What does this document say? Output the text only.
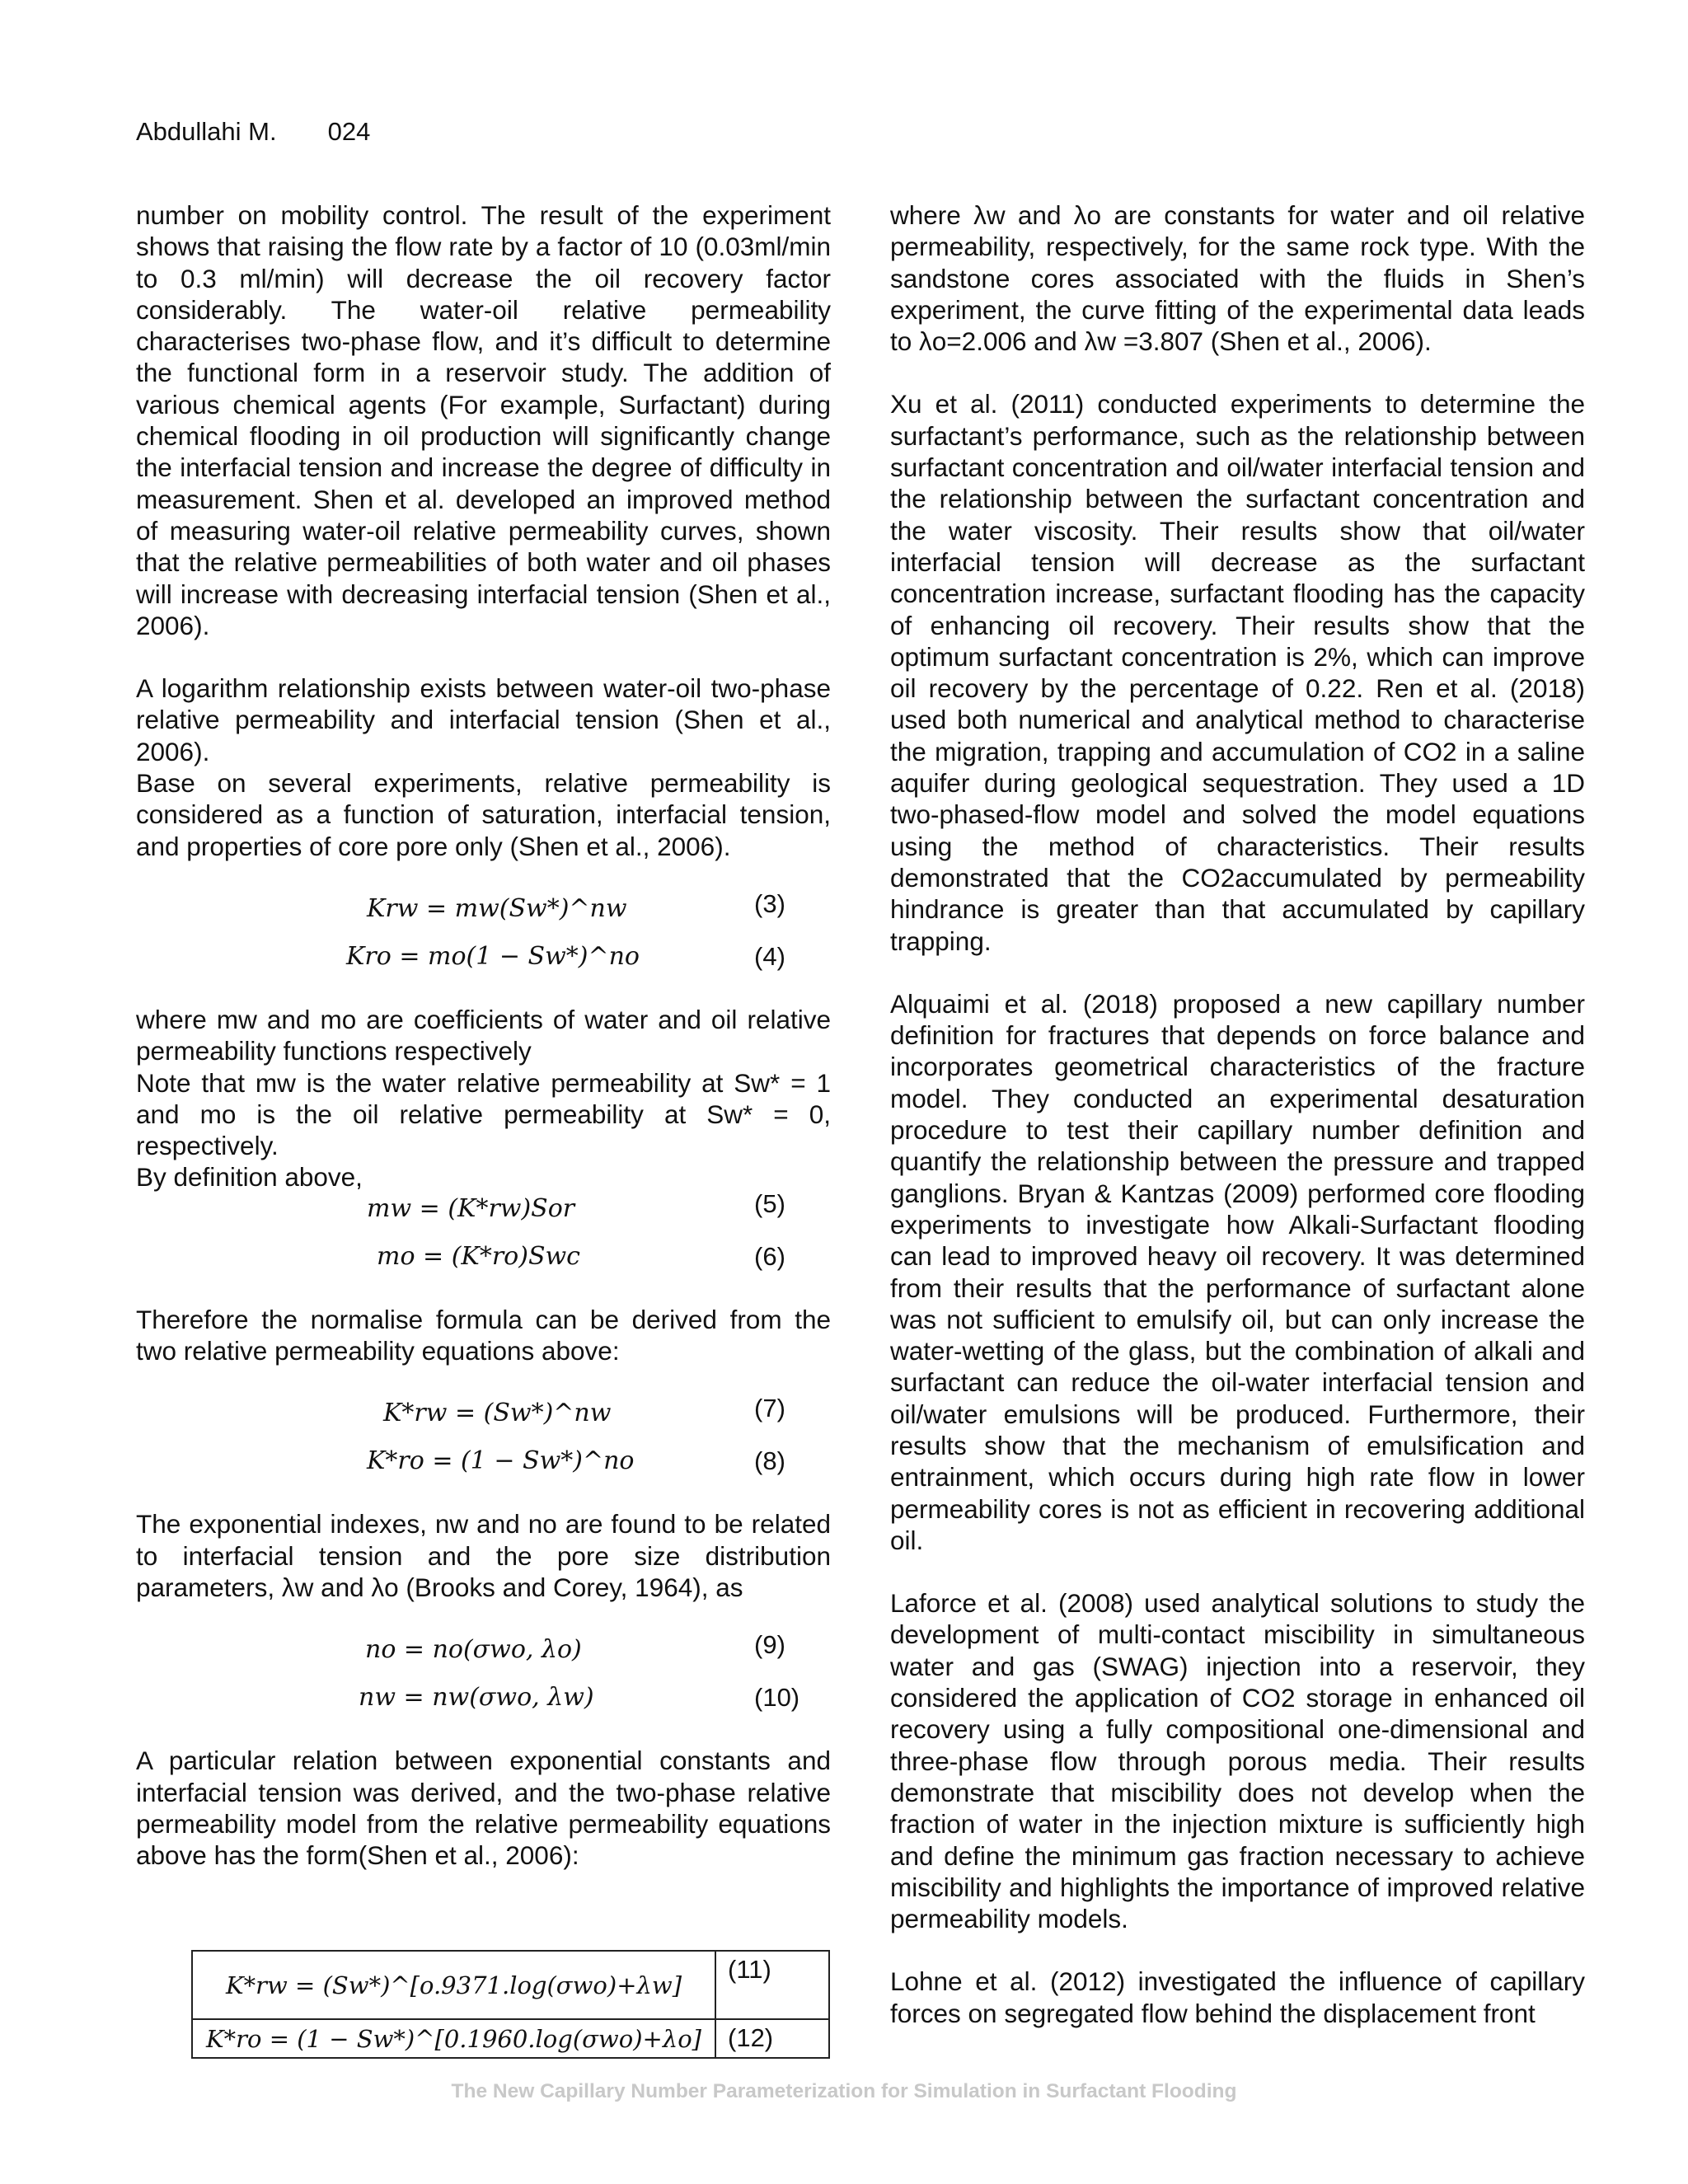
Abdullahi M. 024

number on mobility control. The result of the experiment shows that raising the flow rate by a factor of 10 (0.03ml/min to 0.3 ml/min) will decrease the oil recovery factor considerably. The water-oil relative permeability characterises two-phase flow, and it’s difficult to determine the functional form in a reservoir study. The addition of various chemical agents (For example, Surfactant) during chemical flooding in oil production will significantly change the interfacial tension and increase the degree of difficulty in measurement. Shen et al. developed an improved method of measuring water-oil relative permeability curves, shown that the relative permeabilities of both water and oil phases will increase with decreasing interfacial tension (Shen et al., 2006).

A logarithm relationship exists between water-oil two-phase relative permeability and interfacial tension (Shen et al., 2006).

Base on several experiments, relative permeability is considered as a function of saturation, interfacial tension, and properties of core pore only (Shen et al., 2006).

Krw = mw(Sw*)^nw	(3)
Kro = mo(1 − Sw*)^no	(4)

where mw and mo are coefficients of water and oil relative permeability functions respectively

Note that mw is the water relative permeability at Sw* = 1 and mo is the oil relative permeability at Sw* = 0, respectively.

By definition above,

mw = (K*rw)Sor	(5)
mo = (K*ro)Swc	(6)

Therefore the normalise formula can be derived from the two relative permeability equations above:

K*rw = (Sw*)^nw	(7)
K*ro = (1 − Sw*)^no	(8)

The exponential indexes, nw and no are found to be related to interfacial tension and the pore size distribution parameters, λw and λo (Brooks and Corey, 1964), as

no = no(σwo, λo)	(9)
nw = nw(σwo, λw)	(10)

A particular relation between exponential constants and interfacial tension was derived, and the two-phase relative permeability model from the relative permeability equations above has the form(Shen et al., 2006):

K*rw = (Sw*)^[o.9371.log(σwo)+λw]	(11)
K*ro = (1 − Sw*)^[0.1960.log(σwo)+λo]	(12)

where λw and λo are constants for water and oil relative permeability, respectively, for the same rock type. With the sandstone cores associated with the fluids in Shen’s experiment, the curve fitting of the experimental data leads to λo=2.006 and λw =3.807 (Shen et al., 2006).

Xu et al. (2011) conducted experiments to determine the surfactant’s performance, such as the relationship between surfactant concentration and oil/water interfacial tension and the relationship between the surfactant concentration and the water viscosity. Their results show that oil/water interfacial tension will decrease as the surfactant concentration increase, surfactant flooding has the capacity of enhancing oil recovery. Their results show that the optimum surfactant concentration is 2%, which can improve oil recovery by the percentage of 0.22. Ren et al. (2018) used both numerical and analytical method to characterise the migration, trapping and accumulation of CO2 in a saline aquifer during geological sequestration. They used a 1D two-phased-flow model and solved the model equations using the method of characteristics. Their results demonstrated that the CO2accumulated by permeability hindrance is greater than that accumulated by capillary trapping.

Alquaimi et al. (2018) proposed a new capillary number definition for fractures that depends on force balance and incorporates geometrical characteristics of the fracture model. They conducted an experimental desaturation procedure to test their capillary number definition and quantify the relationship between the pressure and trapped ganglions. Bryan & Kantzas (2009) performed core flooding experiments to investigate how Alkali-Surfactant flooding can lead to improved heavy oil recovery. It was determined from their results that the performance of surfactant alone was not sufficient to emulsify oil, but can only increase the water-wetting of the glass, but the combination of alkali and surfactant can reduce the oil-water interfacial tension and oil/water emulsions will be produced. Furthermore, their results show that the mechanism of emulsification and entrainment, which occurs during high rate flow in lower permeability cores is not as efficient in recovering additional oil.

Laforce et al. (2008) used analytical solutions to study the development of multi-contact miscibility in simultaneous water and gas (SWAG) injection into a reservoir, they considered the application of CO2 storage in enhanced oil recovery using a fully compositional one-dimensional and three-phase flow through porous media. Their results demonstrate that miscibility does not develop when the fraction of water in the injection mixture is sufficiently high and define the minimum gas fraction necessary to achieve miscibility and highlights the importance of improved relative permeability models.

Lohne et al. (2012) investigated the influence of capillary forces on segregated flow behind the displacement front

The New Capillary Number Parameterization for Simulation in Surfactant Flooding
